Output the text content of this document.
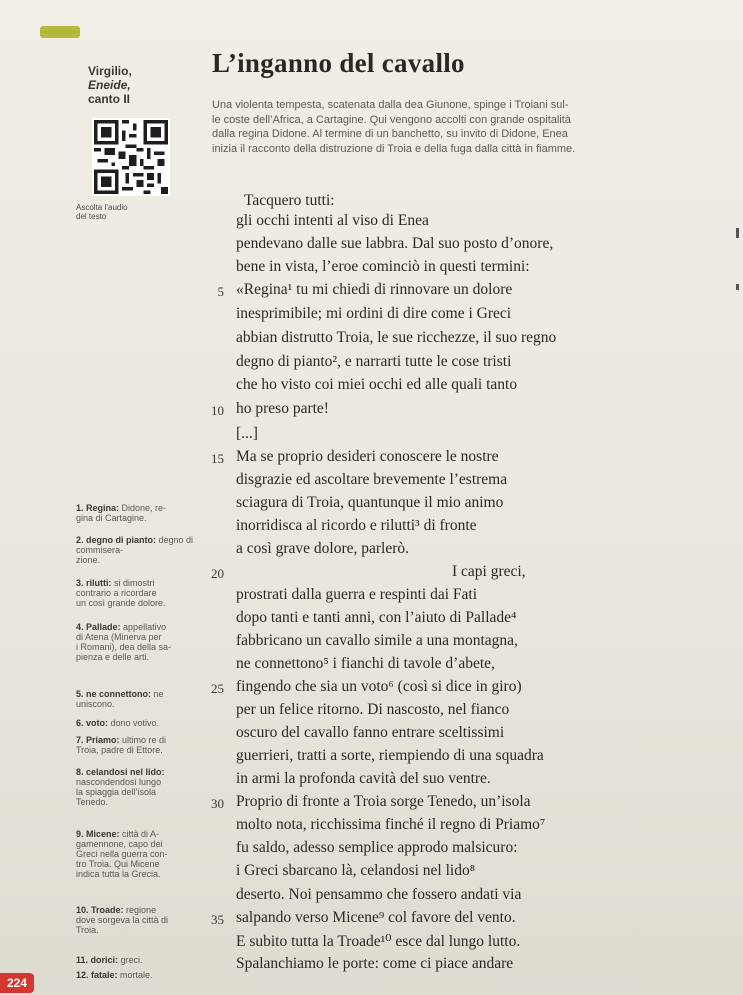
Virgilio,
Eneide,
canto II
L’inganno del cavallo
Una violenta tempesta, scatenata dalla dea Giunone, spinge i Troiani sul-
le coste dell’Africa, a Cartagine. Qui vengono accolti con grande ospitalità
dalla regina Didone. Al termine di un banchetto, su invito di Didone, Enea
inizia il racconto della distruzione di Troia e della fuga dalla città in fiamme.
Ascolta l’audio
del testo
Tacquero tutti:
gli occhi intenti al viso di Enea
pendevano dalle sue labbra. Dal suo posto d’onore,
bene in vista, l’eroe cominciò in questi termini:
«Regina¹ tu mi chiedi di rinnovare un dolore
5
inesprimibile; mi ordini di dire come i Greci
abbian distrutto Troia, le sue ricchezze, il suo regno
degno di pianto², e narrarti tutte le cose tristi
che ho visto coi miei occhi ed alle quali tanto
ho preso parte!
10
[...]
Ma se proprio desideri conoscere le nostre
15
disgrazie ed ascoltare brevemente l’estrema
sciagura di Troia, quantunque il mio animo
inorridisca al ricordo e rilutti³ di fronte
a così grave dolore, parlerò.
I capi greci,
20
prostrati dalla guerra e respinti dai Fati
dopo tanti e tanti anni, con l’aiuto di Pallade⁴
fabbricano un cavallo simile a una montagna,
ne connettono⁵ i fianchi di tavole d’abete,
fingendo che sia un voto⁶ (così si dice in giro)
25
per un felice ritorno. Di nascosto, nel fianco
oscuro del cavallo fanno entrare sceltissimi
guerrieri, tratti a sorte, riempiendo di una squadra
in armi la profonda cavità del suo ventre.
Proprio di fronte a Troia sorge Tenedo, un’isola
30
molto nota, ricchissima finché il regno di Priamo⁷
fu saldo, adesso semplice approdo malsicuro:
i Greci sbarcano là, celandosi nel lido⁸
deserto. Noi pensammo che fossero andati via
salpando verso Micene⁹ col favore del vento.
35
E subito tutta la Troade¹⁰ esce dal lungo lutto.
Spalanchiamo le porte: come ci piace andare
1. Regina: Didone, re-
gina di Cartagine.
2. degno di pianto: degno di commisera-
zione.
3. rilutti: si dimostri
contrario a ricordare
un così grande dolore.
4. Pallade: appellativo
di Atena (Minerva per
i Romani), dea della sa-
pienza e delle arti.
5. ne connettono: ne
uniscono.
6. voto: dono votivo.
7. Priamo: ultimo re di
Troia, padre di Ettore.
8. celandosi nel lido: nascondendosi lungo
la spiaggia dell’isola
Tenedo.
9. Micene: città di A-
gamennone, capo dei
Greci nella guerra con-
tro Troia. Qui Micene
indica tutta la Grecia.
10. Troade: regione
dove sorgeva la città di
Troia.
11. dorici: greci.
12. fatale: mortale.
224
